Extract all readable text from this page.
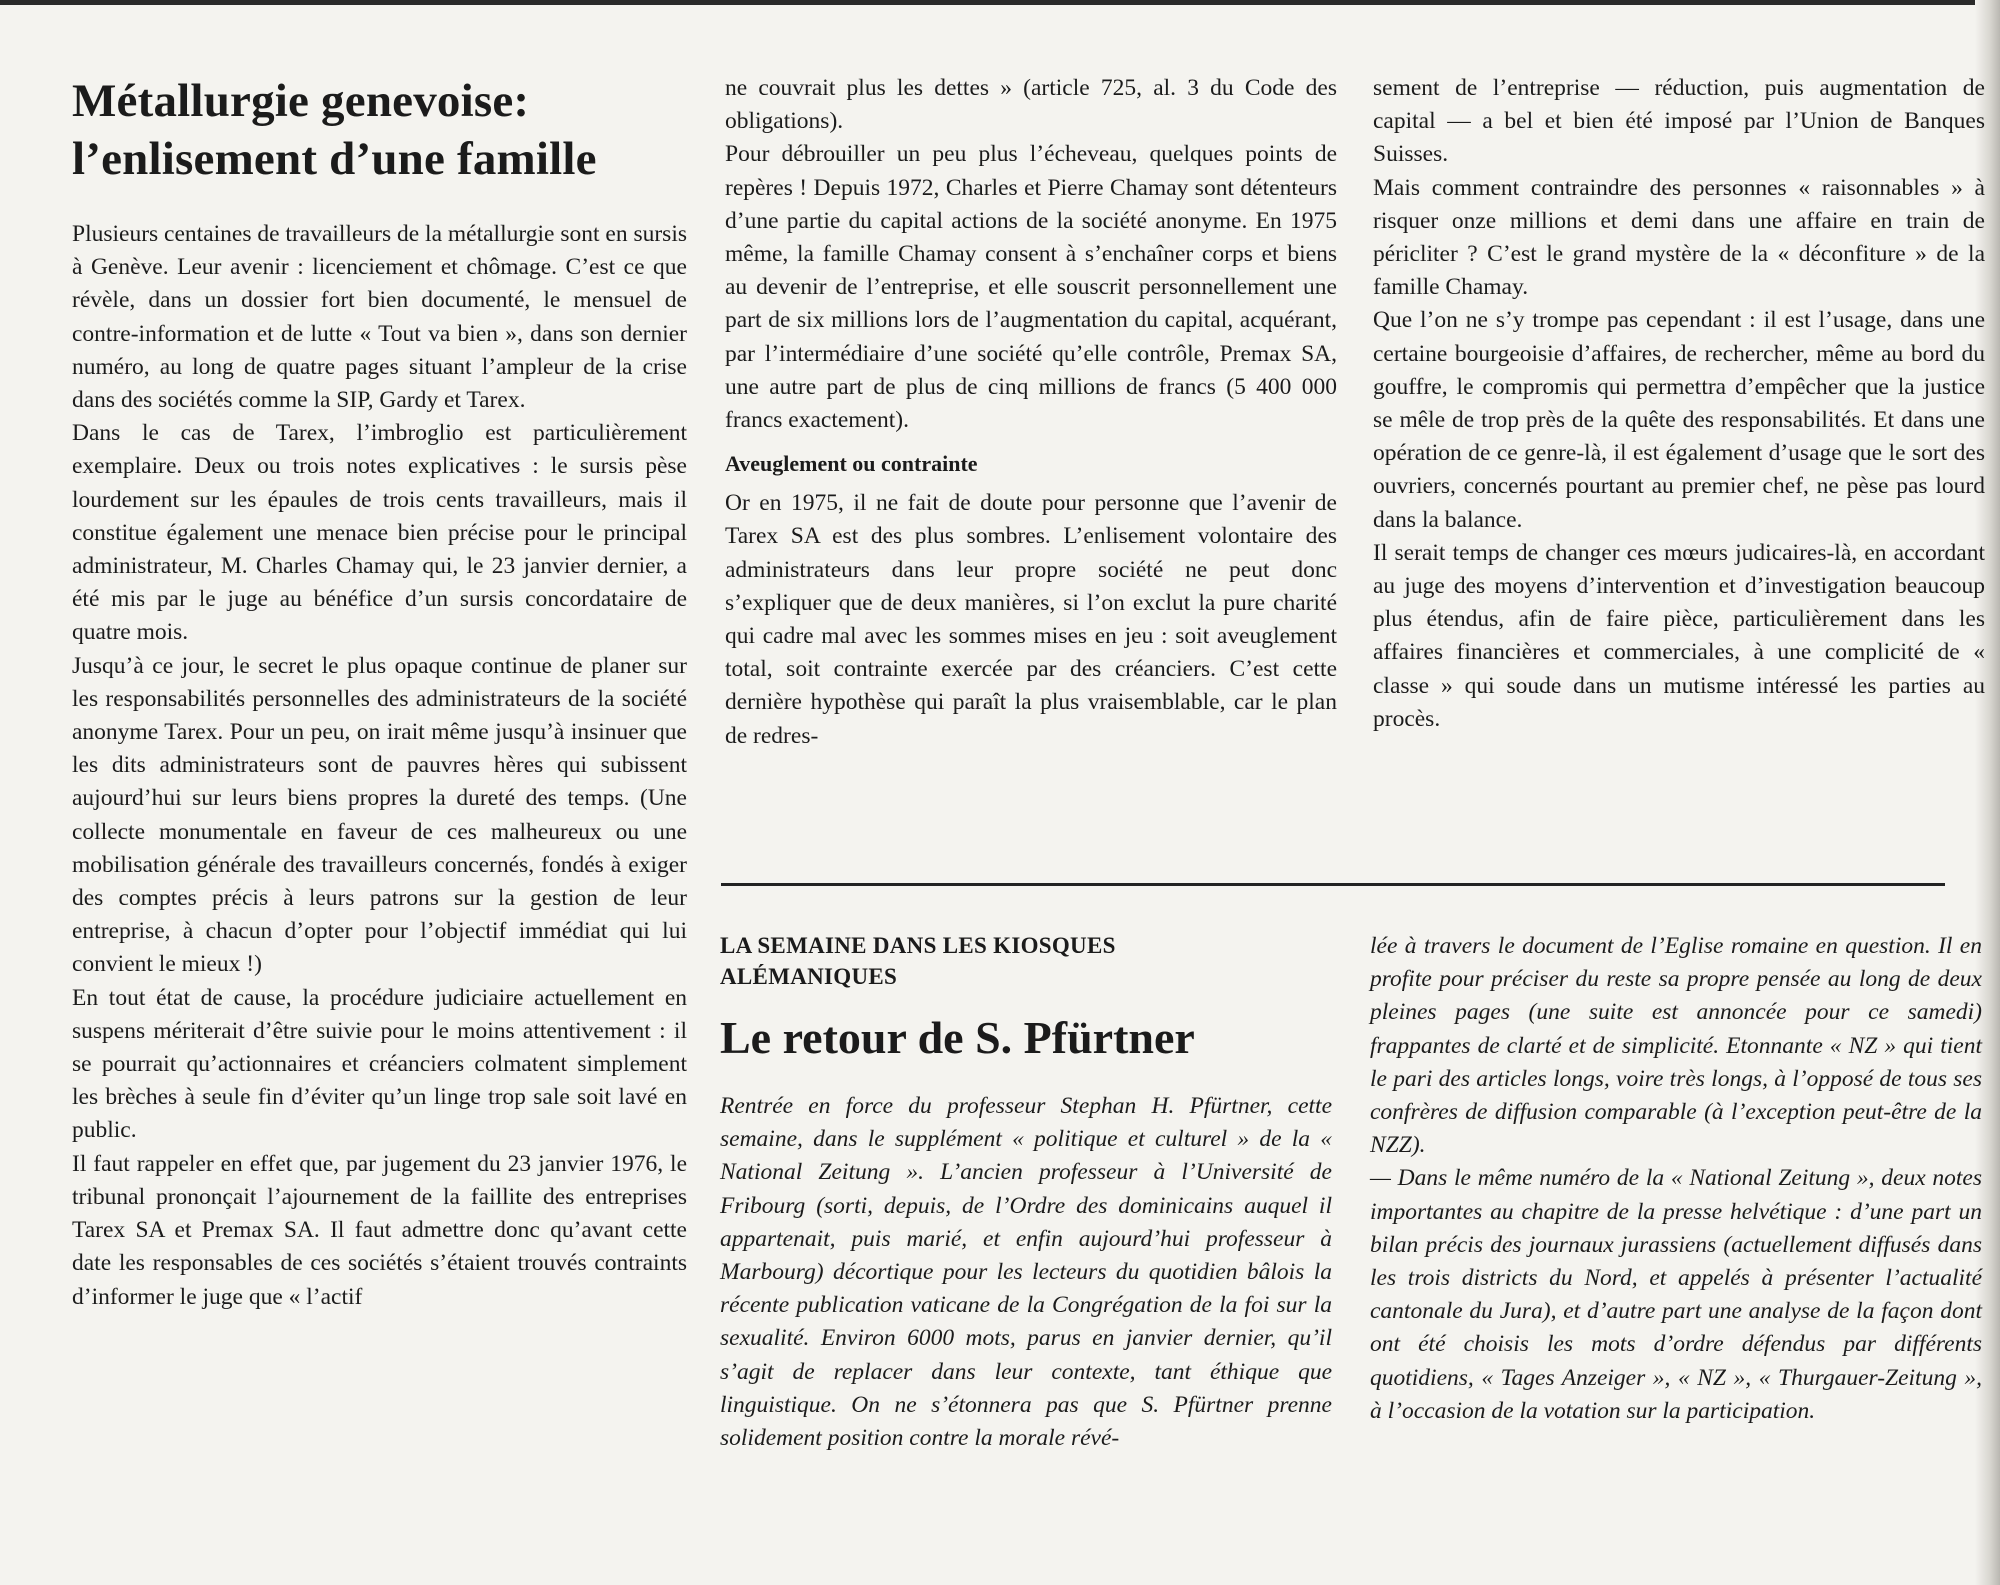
Métallurgie genevoise:
l’enlisement d’une famille

Plusieurs centaines de travailleurs de la métallurgie sont en sursis à Genève. Leur avenir : licenciement et chômage. C’est ce que révèle, dans un dossier fort bien documenté, le mensuel de contre-information et de lutte « Tout va bien », dans son dernier numéro, au long de quatre pages situant l’ampleur de la crise dans des sociétés comme la SIP, Gardy et Tarex.

Dans le cas de Tarex, l’imbroglio est particulièrement exemplaire. Deux ou trois notes explicatives : le sursis pèse lourdement sur les épaules de trois cents travailleurs, mais il constitue également une menace bien précise pour le principal administrateur, M. Charles Chamay qui, le 23 janvier dernier, a été mis par le juge au bénéfice d’un sursis concordataire de quatre mois.

Jusqu’à ce jour, le secret le plus opaque continue de planer sur les responsabilités personnelles des administrateurs de la société anonyme Tarex. Pour un peu, on irait même jusqu’à insinuer que les dits administrateurs sont de pauvres hères qui subissent aujourd’hui sur leurs biens propres la dureté des temps. (Une collecte monumentale en faveur de ces malheureux ou une mobilisation générale des travailleurs concernés, fondés à exiger des comptes précis à leurs patrons sur la gestion de leur entreprise, à chacun d’opter pour l’objectif immédiat qui lui convient le mieux !)

En tout état de cause, la procédure judiciaire actuellement en suspens mériterait d’être suivie pour le moins attentivement : il se pourrait qu’actionnaires et créanciers colmatent simplement les brèches à seule fin d’éviter qu’un linge trop sale soit lavé en public.

Il faut rappeler en effet que, par jugement du 23 janvier 1976, le tribunal prononçait l’ajournement de la faillite des entreprises Tarex SA et Premax SA. Il faut admettre donc qu’avant cette date les responsables de ces sociétés s’étaient trouvés contraints d’informer le juge que « l’actif

ne couvrait plus les dettes » (article 725, al. 3 du Code des obligations).

Pour débrouiller un peu plus l’écheveau, quelques points de repères ! Depuis 1972, Charles et Pierre Chamay sont détenteurs d’une partie du capital actions de la société anonyme. En 1975 même, la famille Chamay consent à s’enchaîner corps et biens au devenir de l’entreprise, et elle souscrit personnellement une part de six millions lors de l’augmentation du capital, acquérant, par l’intermédiaire d’une société qu’elle contrôle, Premax SA, une autre part de plus de cinq millions de francs (5 400 000 francs exactement).

Aveuglement ou contrainte

Or en 1975, il ne fait de doute pour personne que l’avenir de Tarex SA est des plus sombres. L’enlisement volontaire des administrateurs dans leur propre société ne peut donc s’expliquer que de deux manières, si l’on exclut la pure charité qui cadre mal avec les sommes mises en jeu : soit aveuglement total, soit contrainte exercée par des créanciers. C’est cette dernière hypothèse qui paraît la plus vraisemblable, car le plan de redres-

sement de l’entreprise — réduction, puis augmentation de capital — a bel et bien été imposé par l’Union de Banques Suisses.

Mais comment contraindre des personnes « raisonnables » à risquer onze millions et demi dans une affaire en train de péricliter ? C’est le grand mystère de la « déconfiture » de la famille Chamay.

Que l’on ne s’y trompe pas cependant : il est l’usage, dans une certaine bourgeoisie d’affaires, de rechercher, même au bord du gouffre, le compromis qui permettra d’empêcher que la justice se mêle de trop près de la quête des responsabilités. Et dans une opération de ce genre-là, il est également d’usage que le sort des ouvriers, concernés pourtant au premier chef, ne pèse pas lourd dans la balance.

Il serait temps de changer ces mœurs judicaires-là, en accordant au juge des moyens d’intervention et d’investigation beaucoup plus étendus, afin de faire pièce, particulièrement dans les affaires financières et commerciales, à une complicité de « classe » qui soude dans un mutisme intéressé les parties au procès.

LA SEMAINE DANS LES KIOSQUES
ALÉMANIQUES
Le retour de S. Pfürtner

Rentrée en force du professeur Stephan H. Pfürtner, cette semaine, dans le supplément « politique et culturel » de la « National Zeitung ». L’ancien professeur à l’Université de Fribourg (sorti, depuis, de l’Ordre des dominicains auquel il appartenait, puis marié, et enfin aujourd’hui professeur à Marbourg) décortique pour les lecteurs du quotidien bâlois la récente publication vaticane de la Congrégation de la foi sur la sexualité. Environ 6000 mots, parus en janvier dernier, qu’il s’agit de replacer dans leur contexte, tant éthique que linguistique. On ne s’étonnera pas que S. Pfürtner prenne solidement position contre la morale révé-

lée à travers le document de l’Eglise romaine en question. Il en profite pour préciser du reste sa propre pensée au long de deux pleines pages (une suite est annoncée pour ce samedi) frappantes de clarté et de simplicité. Etonnante « NZ » qui tient le pari des articles longs, voire très longs, à l’opposé de tous ses confrères de diffusion comparable (à l’exception peut-être de la NZZ).

— Dans le même numéro de la « National Zeitung », deux notes importantes au chapitre de la presse helvétique : d’une part un bilan précis des journaux jurassiens (actuellement diffusés dans les trois districts du Nord, et appelés à présenter l’actualité cantonale du Jura), et d’autre part une analyse de la façon dont ont été choisis les mots d’ordre défendus par différents quotidiens, « Tages Anzeiger », « NZ », « Thurgauer-Zeitung », à l’occasion de la votation sur la participation.
